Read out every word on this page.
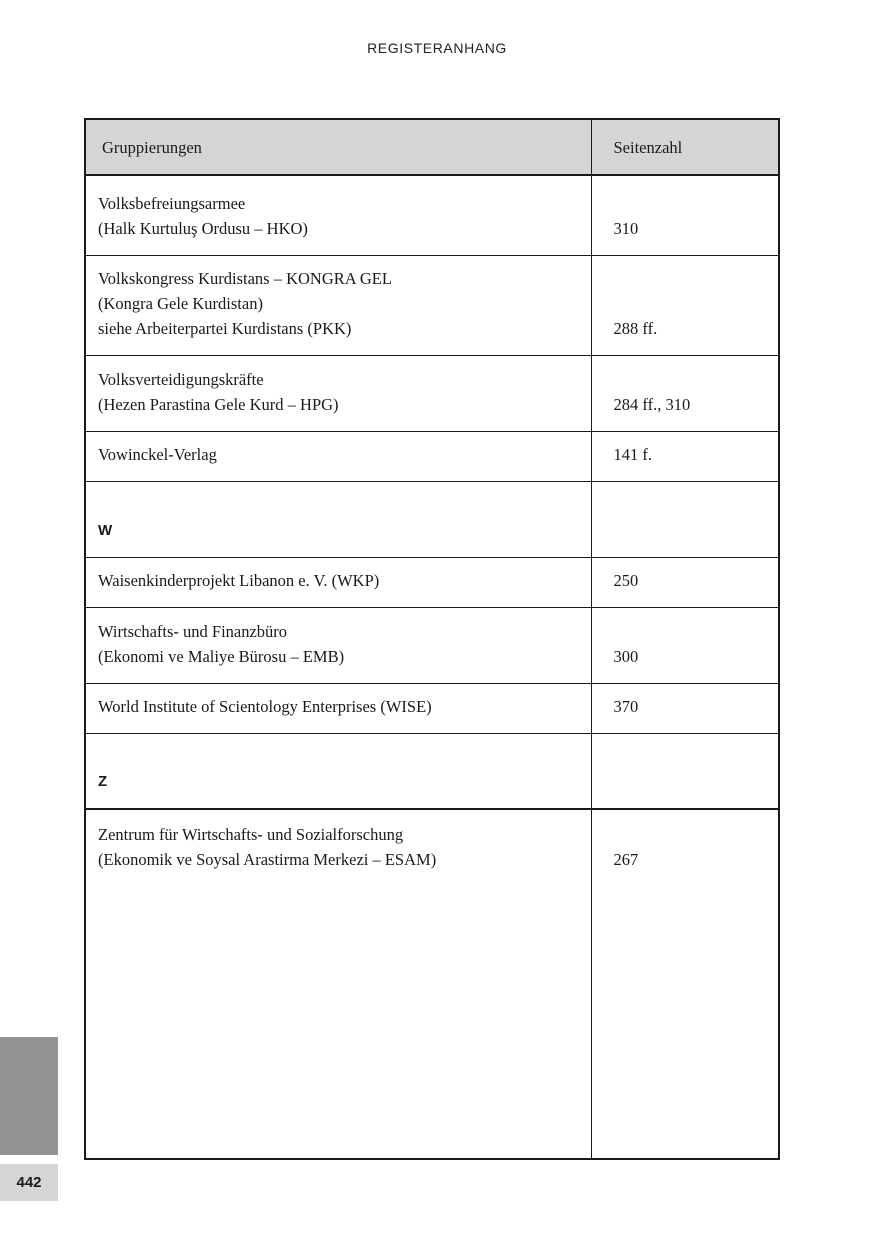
REGISTERANHANG
Gruppierungen	Seitenzahl

Volksbefreiungsarmee
(Halk Kurtuluş Ordusu – HKO)	310

Volkskongress Kurdistans – KONGRA GEL
(Kongra Gele Kurdistan)
siehe Arbeiterpartei Kurdistans (PKK)	288 ff.

Volksverteidigungskräfte
(Hezen Parastina Gele Kurd – HPG)	284 ff., 310

Vowinckel-Verlag	141 f.
W	

Waisenkinderprojekt Libanon e. V. (WKP)	250

Wirtschafts- und Finanzbüro
(Ekonomi ve Maliye Bürosu – EMB)	300

World Institute of Scientology Enterprises (WISE)	370
Z	

Zentrum für Wirtschafts- und Sozialforschung
(Ekonomik ve Soysal Arastirma Merkezi – ESAM)	267
442
